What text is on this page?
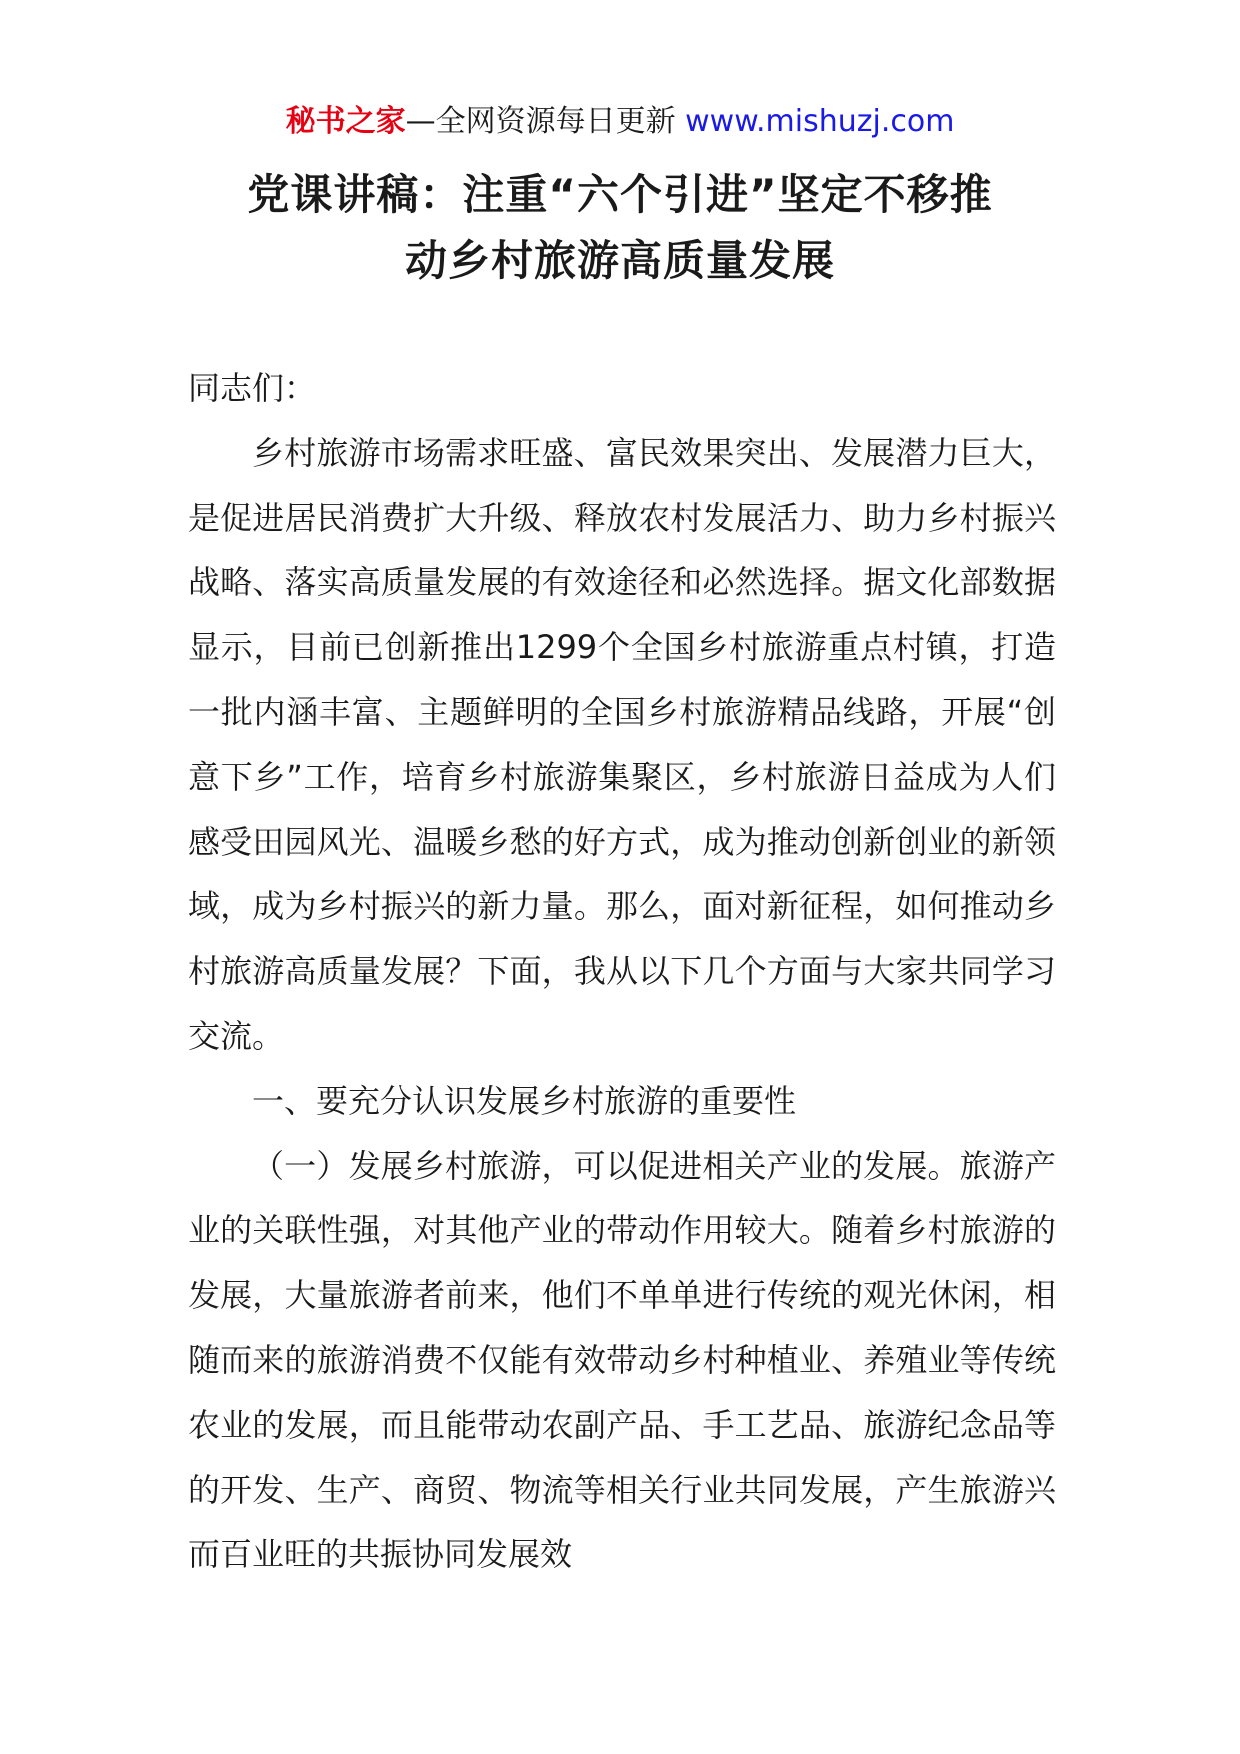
秘书之家—全网资源每日更新 www.mishuzj.com
党课讲稿：注重“六个引进”坚定不移推
动乡村旅游高质量发展

同志们：

乡村旅游市场需求旺盛、富民效果突出、发展潜力巨大，是促进居民消费扩大升级、释放农村发展活力、助力乡村振兴战略、落实高质量发展的有效途径和必然选择。据文化部数据显示，目前已创新推出1299个全国乡村旅游重点村镇，打造一批内涵丰富、主题鲜明的全国乡村旅游精品线路，开展“创意下乡”工作，培育乡村旅游集聚区，乡村旅游日益成为人们感受田园风光、温暖乡愁的好方式，成为推动创新创业的新领域，成为乡村振兴的新力量。那么，面对新征程，如何推动乡村旅游高质量发展？下面，我从以下几个方面与大家共同学习交流。

一、要充分认识发展乡村旅游的重要性

（一）发展乡村旅游，可以促进相关产业的发展。旅游产业的关联性强，对其他产业的带动作用较大。随着乡村旅游的发展，大量旅游者前来，他们不单单进行传统的观光休闲，相随而来的旅游消费不仅能有效带动乡村种植业、养殖业等传统农业的发展，而且能带动农副产品、手工艺品、旅游纪念品等的开发、生产、商贸、物流等相关行业共同发展，产生旅游兴而百业旺的共振协同发展效
